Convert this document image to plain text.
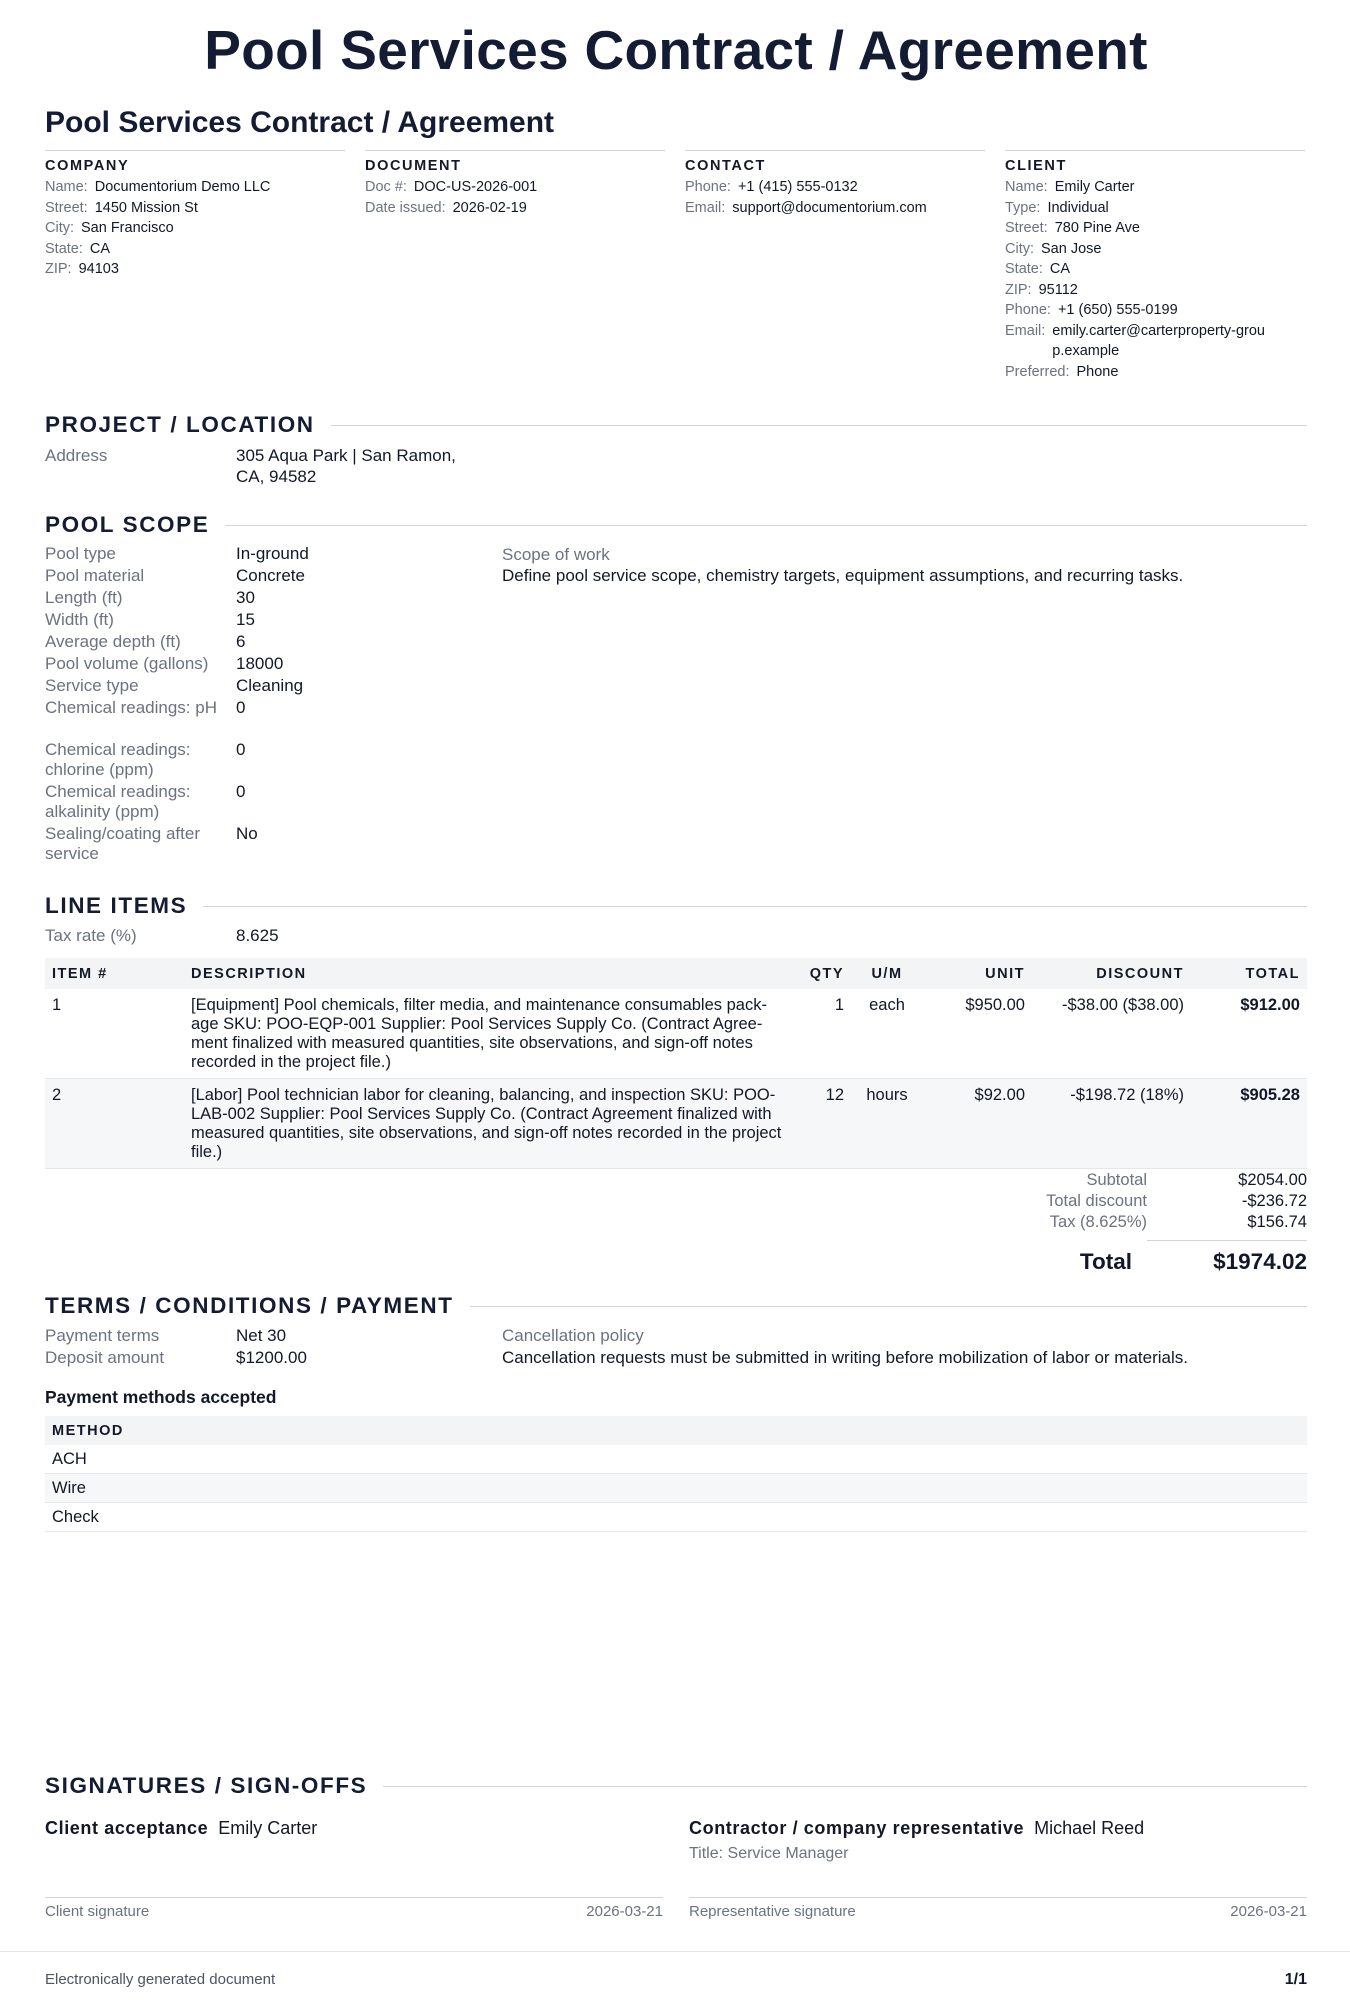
Pool Services Contract / Agreement
Pool Services Contract / Agreement
COMPANY
Name: Documentorium Demo LLC
Street: 1450 Mission St
City: San Francisco
State: CA
ZIP: 94103
DOCUMENT
Doc #: DOC-US-2026-001
Date issued: 2026-02-19
CONTACT
Phone: +1 (415) 555-0132
Email: support@documentorium.com
CLIENT
Name: Emily Carter
Type: Individual
Street: 780 Pine Ave
City: San Jose
State: CA
ZIP: 95112
Phone: +1 (650) 555-0199
Email: emily.carter@carterproperty-group.example
Preferred: Phone
PROJECT / LOCATION
Address	305 Aqua Park | San Ramon,
CA, 94582
POOL SCOPE
Pool type	In-ground
Pool material	Concrete
Length (ft)	30
Width (ft)	15
Average depth (ft)	6
Pool volume (gallons)	18000
Service type	Cleaning
Chemical readings: pH	0
Chemical readings: chlorine (ppm)
0
Chemical readings: alkalinity (ppm)
0
Sealing/coating after service
No
Scope of work
Define pool service scope, chemistry targets, equipment assumptions, and recurring tasks.
LINE ITEMS
Tax rate (%)	8.625
ITEM #	DESCRIPTION	QTY	U/M	UNIT	DISCOUNT	TOTAL
1	[Equipment] Pool chemicals, filter media, and maintenance consumables pack-age SKU: POO-EQP-001 Supplier: Pool Services Supply Co. (Contract Agree-ment finalized with measured quantities, site observations, and sign-off notes recorded in the project file.)	1	each	$950.00	-$38.00 ($38.00)	$912.00
2	[Labor] Pool technician labor for cleaning, balancing, and inspection SKU: POO-LAB-002 Supplier: Pool Services Supply Co. (Contract Agreement finalized with measured quantities, site observations, and sign-off notes recorded in the project file.)	12	hours	$92.00	-$198.72 (18%)	$905.28
Subtotal	$2054.00
Total discount	-$236.72
Tax (8.625%)	$156.74
Total	$1974.02
TERMS / CONDITIONS / PAYMENT
Payment terms	Net 30
Deposit amount	$1200.00
Cancellation policy
Cancellation requests must be submitted in writing before mobilization of labor or materials.
Payment methods accepted
METHOD
ACH
Wire
Check
SIGNATURES / SIGN-OFFS
Client acceptance Emily Carter
Client signature	2026-03-21
Contractor / company representative Michael Reed
Title: Service Manager
Representative signature	2026-03-21
Electronically generated document	1/1
